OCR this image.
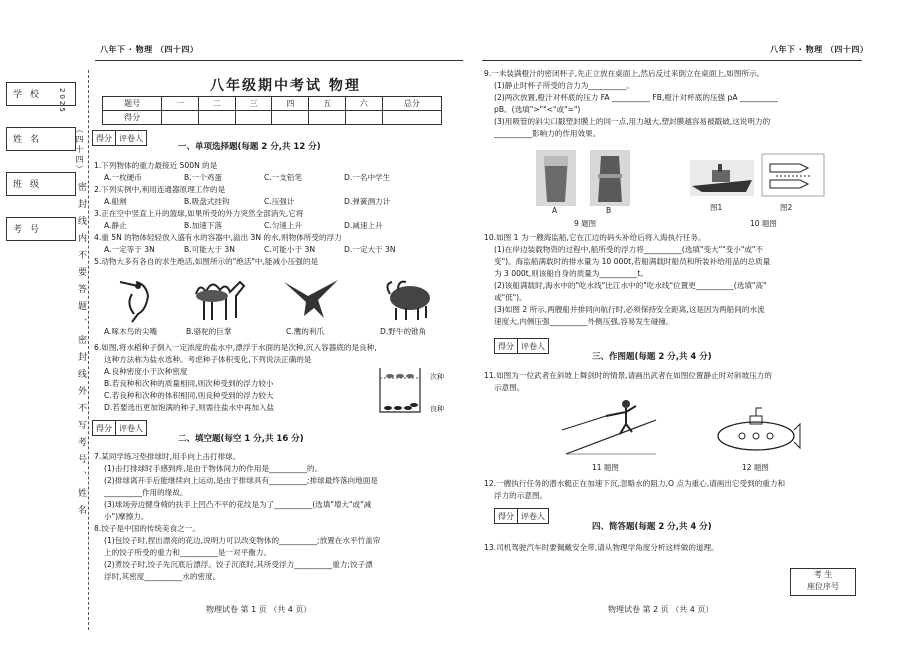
八年下 · 物理 （四十四）
学校
姓名
班级
考号
2025
（四十四）
密封线内不要答题、密封线外不写考号、姓名
八年级期中考试 物理
题号	一	二	三	四	五	六	总分
得分							
得分	评卷人
一、单项选择题(每题 2 分,共 12 分)
1.下列物体的重力最接近 500N 的是
A.一枚硬币	B.一个鸡蛋	C.一支铅笔	D.一名中学生
2.下列实例中,利用连通器原理工作的是
A.船闸	B.吸盘式挂钩	C.压强计	D.弹簧测力计
3.正在空中竖直上升的篮球,如果所受的外力突然全部消失,它将
A.静止	B.加速下落	C.匀速上升	D.减速上升
4.重 5N 的物体轻轻放入盛有水的容器中,溢出 3N 的水,则物体所受的浮力
A.一定等于 3N	B.可能大于 3N	C.可能小于 3N	D.一定大于 3N
5.动物大多有各自的求生绝活,如图所示的"绝活"中,能减小压强的是
A.啄木鸟的尖嘴	B.骆驼的巨掌	C.鹰的利爪	D.野牛的锥角
6.如图,将水稻种子倒入一定浓度的盐水中,漂浮于水面的是次种,沉入容器底的是良种,
这种方法称为盐水选种。考虑种子体积变化,下列说法正确的是
A.良种密度小于次种密度
B.若良种和次种的质量相同,则次种受到的浮力较小
C.若良种和次种的体积相同,则良种受到的浮力较大
D.若要选出更加饱满的种子,则需往盐水中再加入盐
次种
良种
得分	评卷人
二、填空题(每空 1 分,共 16 分)
7.某同学练习垫排球时,用手向上击打排球。
(1)击打排球时手感到疼,是由于物体间力的作用是__________的。
(2)排球离开手后能继续向上运动,是由于排球具有__________;排球最终落向地面是
__________作用的缘故。
(3)球场旁边健身椅的扶手上凹凸不平的花纹是为了__________(选填"增大"或"减
小")摩擦力。
8.饺子是中国的传统美食之一。
(1)包饺子时,捏出漂亮的花边,说明力可以改变物体的__________;放置在水平竹盖帘
上的饺子所受的重力和__________是一对平衡力。
(2)煮饺子时,饺子先沉底后漂浮。饺子沉底时,其所受浮力__________重力;饺子漂
浮时,其密度__________水的密度。
物理试卷 第 1 页 （共 4 页）
八年下 · 物理 （四十四）
9.一未装满橙汁的密闭杯子,先正立放在桌面上,然后反过来倒立在桌面上,如图所示。
(1)静止时杯子所受的合力为__________。
(2)两次放置,橙汁对杯底的压力 FA __________ FB,橙汁对杯底的压强 pA __________
pB。(选填">""<"或"=")
(3)用吸管的斜尖口戳塑封膜上的同一点,用力越大,塑封膜越容易被戳破,这说明力的
__________影响力的作用效果。
A	B
9 题图
图1	图2
10 题图
10.如图 1 为一艘海监船,它在江边的码头补给后将入海执行任务。
(1)在岸边装载物资的过程中,船所受的浮力将__________(选填"变大""变小"或"不
变")。海监船满载时的排水量为 10 000t,若船满载时船员和所装补给用品的总质量
为 3 000t,则该船自身的质量为__________t。
(2)该船满载时,海水中的"吃水线"比江水中的"吃水线"位置更__________(选填"高"
或"低")。
(3)如图 2 所示,两艘船并排同向航行时,必须保持安全距离,这是因为两船间的水流
速度大,内侧压强__________外侧压强,容易发生碰撞。
得分	评卷人
三、作图题(每题 2 分,共 4 分)
11.如图为一位武者在斜坡上舞剑时的情景,请画出武者在如图位置静止时对斜坡压力的
示意图。
11 题图	12 题图
12.一艘执行任务的潜水艇正在加速下沉,忽略水的阻力,O 点为重心,请画出它受到的重力和
浮力的示意图。
得分	评卷人
四、简答题(每题 2 分,共 4 分)
13.司机驾驶汽车时要佩戴安全带,请从物理学角度分析这样做的道理。
考 生
座位序号
物理试卷 第 2 页 （共 4 页）
